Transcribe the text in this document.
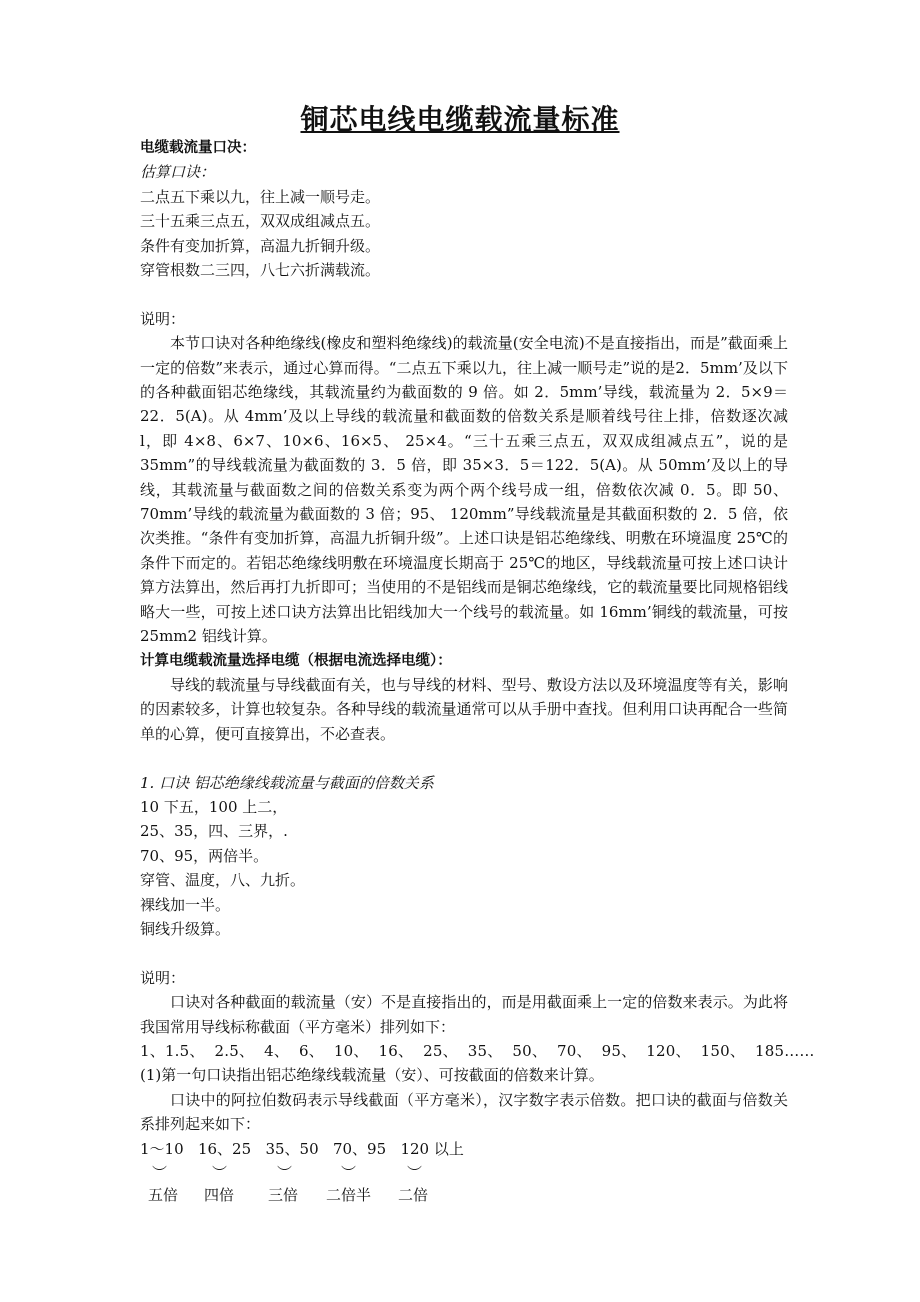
铜芯电线电缆载流量标准

电缆载流量口决：

估算口诀：

二点五下乘以九，往上减一顺号走。

三十五乘三点五，双双成组减点五。

条件有变加折算，高温九折铜升级。

穿管根数二三四，八七六折满载流。

说明：

本节口诀对各种绝缘线(橡皮和塑料绝缘线)的载流量(安全电流)不是直接指出，而是”截面乘上一定的倍数”来表示，通过心算而得。“二点五下乘以九，往上减一顺号走”说的是2．5mm’及以下的各种截面铝芯绝缘线，其载流量约为截面数的 9 倍。如 2．5mm’导线，载流量为 2．5×9＝22．5(A)。从 4mm’及以上导线的载流量和截面数的倍数关系是顺着线号往上排，倍数逐次减 l，即 4×8、6×7、10×6、16×5、 25×4。“三十五乘三点五，双双成组减点五”，说的是 35mm”的导线载流量为截面数的 3．5 倍，即 35×3．5＝122．5(A)。从 50mm’及以上的导线，其载流量与截面数之间的倍数关系变为两个两个线号成一组，倍数依次减 0．5。即 50、70mm’导线的载流量为截面数的 3 倍；95、 120mm”导线载流量是其截面积数的 2．5 倍，依次类推。“条件有变加折算，高温九折铜升级”。上述口诀是铝芯绝缘线、明敷在环境温度 25℃的条件下而定的。若铝芯绝缘线明敷在环境温度长期高于 25℃的地区，导线载流量可按上述口诀计算方法算出，然后再打九折即可；当使用的不是铝线而是铜芯绝缘线，它的载流量要比同规格铝线略大一些，可按上述口诀方法算出比铝线加大一个线号的载流量。如 16mm’铜线的载流量，可按 25mm2 铝线计算。

计算电缆载流量选择电缆（根据电流选择电缆）：

导线的载流量与导线截面有关，也与导线的材料、型号、敷设方法以及环境温度等有关，影响的因素较多，计算也较复杂。各种导线的载流量通常可以从手册中查找。但利用口诀再配合一些简单的心算，便可直接算出，不必查表。

1. 口诀 铝芯绝缘线载流量与截面的倍数关系

10 下五，100 上二，

25、35，四、三界，.

70、95，两倍半。

穿管、温度，八、九折。

裸线加一半。

铜线升级算。

说明：

口诀对各种截面的载流量（安）不是直接指出的，而是用截面乘上一定的倍数来表示。为此将我国常用导线标称截面（平方毫米）排列如下：

1、1.5、  2.5、  4、  6、  10、  16、  25、  35、  50、  70、  95、  120、  150、  185……

(1)第一句口诀指出铝芯绝缘线载流量（安）、可按截面的倍数来计算。

口诀中的阿拉伯数码表示导线截面（平方毫米），汉字数字表示倍数。把口诀的截面与倍数关系排列起来如下：

1～10 16、25 35、50 70、95 120 以上

︶	︶	︶	︶	︶
五倍 四倍 三倍 二倍半 二倍
